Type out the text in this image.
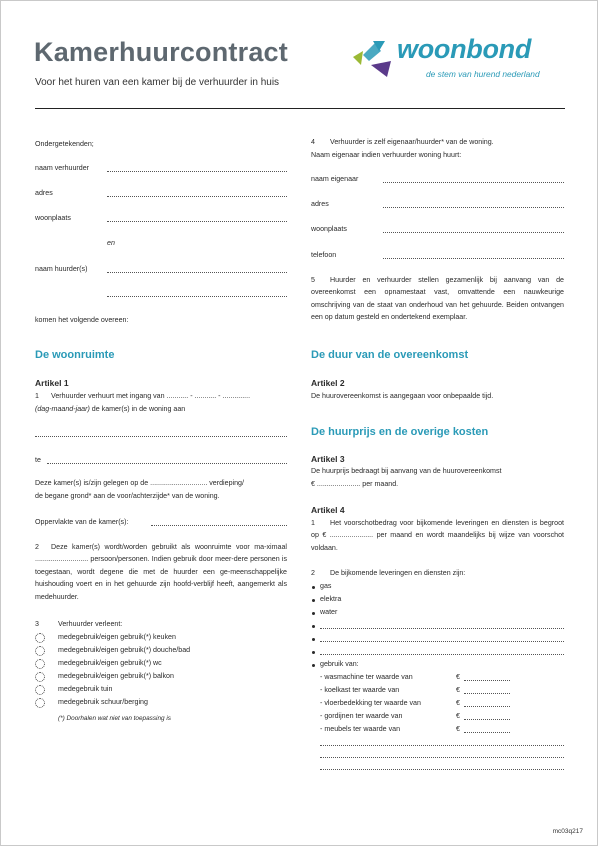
Kamerhuurcontract
Voor het huren van een kamer bij de verhuurder in huis
woonbond
de stem van hurend nederland
Ondergetekenden;
naam verhuurder
adres
woonplaats
en
naam huurder(s)
komen het volgende overeen:
De woonruimte
Artikel 1
1 Verhuurder verhuurt met ingang van ........... - ........... - ..............
(dag-maand-jaar) de kamer(s) in de woning aan
te
Deze kamer(s) is/zijn gelegen op de ............................. verdieping/
de begane grond* aan de voor/achterzijde* van de woning.
Oppervlakte van de kamer(s):
2 Deze kamer(s) wordt/worden gebruikt als woonruimte voor ma-ximaal ........................... persoon/personen. Indien gebruik door meer-dere personen is toegestaan, wordt degene die met de huurder een ge-meenschappelijke huishouding voert en in het gehuurde zijn hoofd-verblijf heeft, aangemerkt als medehuurder.
3	Verhuurder verleent:
medegebruik/eigen gebruik(*) keuken
medegebruik/eigen gebruik(*) douche/bad
medegebruik/eigen gebruik(*) wc
medegebruik/eigen gebruik(*) balkon
medegebruik tuin
medegebruik schuur/berging
(*) Doorhalen wat niet van toepassing is
4 Verhuurder is zelf eigenaar/huurder* van de woning.
Naam eigenaar indien verhuurder woning huurt:
naam eigenaar
adres
woonplaats
telefoon
5 Huurder en verhuurder stellen gezamenlijk bij aanvang van de overeenkomst een opnamestaat vast, omvattende een nauwkeurige omschrijving van de staat van onderhoud van het gehuurde. Beiden ontvangen een op datum gesteld en ondertekend exemplaar.
De duur van de overeenkomst
Artikel 2
De huurovereenkomst is aangegaan voor onbepaalde tijd.
De huurprijs en de overige kosten
Artikel 3
De huurprijs bedraagt bij aanvang van de huurovereenkomst
€ ...................... per maand.
Artikel 4
1 Het voorschotbedrag voor bijkomende leveringen en diensten is begroot op € ...................... per maand en wordt maandelijks bij wijze van voorschot voldaan.
2 De bijkomende leveringen en diensten zijn:
gas
elektra
water
gebruik van:
- wasmachine ter waarde van	€
- koelkast ter waarde van	€
- vloerbedekking ter waarde van	€
- gordijnen ter waarde van	€
- meubels ter waarde van	€
mc03q217
